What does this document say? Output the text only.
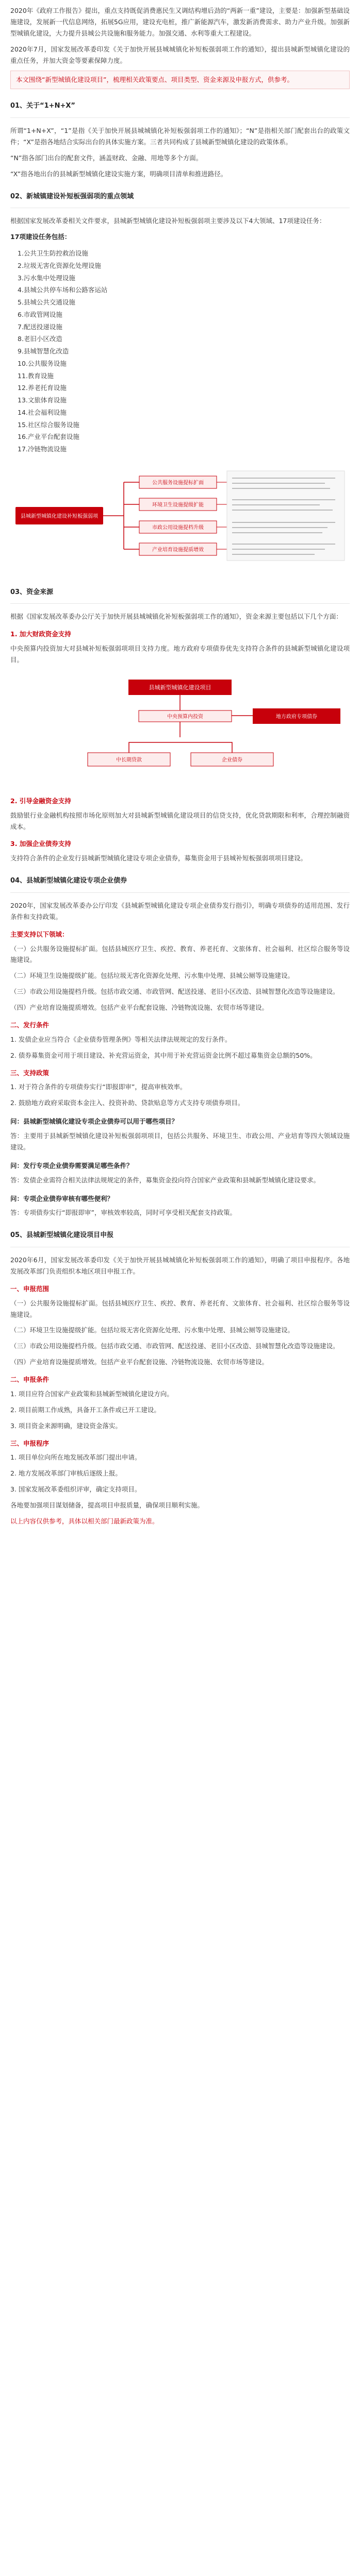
2020年《政府工作报告》提出，重点支持既促消费惠民生又调结构增后劲的“两新一重”建设，主要是：加强新型基础设施建设，发展新一代信息网络，拓展5G应用，建设充电桩，推广新能源汽车，激发新消费需求、助力产业升级。加强新型城镇化建设，大力提升县城公共设施和服务能力。加强交通、水利等重大工程建设。

2020年7月，国家发展改革委印发《关于加快开展县城城镇化补短板强弱项工作的通知》，提出县城新型城镇化建设的重点任务，并加大资金等要素保障力度。

本文围绕“新型城镇化建设项目”，梳理相关政策要点、项目类型、资金来源及申报方式，供参考。
01、关于“1+N+X”

所谓“1+N+X”，“1”是指《关于加快开展县城城镇化补短板强弱项工作的通知》；“N”是指相关部门配套出台的政策文件；“X”是指各地结合实际出台的具体实施方案。三者共同构成了县城新型城镇化建设的政策体系。

“N”指各部门出台的配套文件，涵盖财政、金融、用地等多个方面。

“X”指各地出台的县城新型城镇化建设实施方案，明确项目清单和推进路径。

02、新城镇建设补短板强弱项的重点领域

根据国家发展改革委相关文件要求，县城新型城镇化建设补短板强弱项主要涉及以下4大领域、17项建设任务：

17项建设任务包括：

1.公共卫生防控救治设施
2.垃圾无害化资源化处理设施
3.污水集中处理设施
4.县城公共停车场和公路客运站
5.县城公共交通设施
6.市政管网设施
7.配送投递设施
8.老旧小区改造
9.县城智慧化改造
10.公共服务设施
11.教育设施
12.养老托育设施
13.文旅体育设施
14.社会福利设施
15.社区综合服务设施
16.产业平台配套设施
17.冷链物流设施
县城新型城镇化建设补短板强弱项
公共服务设施提标扩面
环境卫生设施提级扩能
市政公用设施提档升级
产业培育设施提质增效
03、资金来源

根据《国家发展改革委办公厅关于加快开展县城城镇化补短板强弱项工作的通知》，资金来源主要包括以下几个方面：

1. 加大财政资金支持

中央预算内投资加大对县城补短板强弱项项目支持力度。地方政府专项债券优先支持符合条件的县城新型城镇化建设项目。

县城新型城镇化建设项目
中央预算内投资	地方政府专项债券
中长期贷款	企业债券
2. 引导金融资金支持

鼓励银行业金融机构按照市场化原则加大对县城新型城镇化建设项目的信贷支持，优化贷款期限和利率，合理控制融资成本。

3. 加强企业债券支持

支持符合条件的企业发行县城新型城镇化建设专项企业债券，募集资金用于县城补短板强弱项项目建设。

04、县城新型城镇化建设专项企业债券

2020年，国家发展改革委办公厅印发《县城新型城镇化建设专项企业债券发行指引》，明确专项债券的适用范围、发行条件和支持政策。

主要支持以下领域：

（一）公共服务设施提标扩面。包括县城医疗卫生、疾控、教育、养老托育、文旅体育、社会福利、社区综合服务等设施建设。

（二）环境卫生设施提级扩能。包括垃圾无害化资源化处理、污水集中处理、县城公厕等设施建设。

（三）市政公用设施提档升级。包括市政交通、市政管网、配送投递、老旧小区改造、县城智慧化改造等设施建设。

（四）产业培育设施提质增效。包括产业平台配套设施、冷链物流设施、农贸市场等建设。

二、发行条件

1. 发债企业应当符合《企业债券管理条例》等相关法律法规规定的发行条件。

2. 债券募集资金可用于项目建设、补充营运资金，其中用于补充营运资金比例不超过募集资金总额的50%。

三、支持政策

1. 对于符合条件的专项债券实行“即报即审”，提高审核效率。

2. 鼓励地方政府采取资本金注入、投资补助、贷款贴息等方式支持专项债券项目。

问：县城新型城镇化建设专项企业债券可以用于哪些项目？

答：主要用于县城新型城镇化建设补短板强弱项项目，包括公共服务、环境卫生、市政公用、产业培育等四大领域设施建设。

问：发行专项企业债券需要满足哪些条件？

答：发债企业需符合相关法律法规规定的条件，募集资金投向符合国家产业政策和县城新型城镇化建设要求。

问：专项企业债券审核有哪些便利？

答：专项债券实行“即报即审”，审核效率较高，同时可享受相关配套支持政策。

05、县城新型城镇化建设项目申报

2020年6月，国家发展改革委印发《关于加快开展县城城镇化补短板强弱项工作的通知》，明确了项目申报程序。各地发展改革部门负责组织本地区项目申报工作。

一、申报范围

（一）公共服务设施提标扩面。包括县城医疗卫生、疾控、教育、养老托育、文旅体育、社会福利、社区综合服务等设施建设。

（二）环境卫生设施提级扩能。包括垃圾无害化资源化处理、污水集中处理、县城公厕等设施建设。

（三）市政公用设施提档升级。包括市政交通、市政管网、配送投递、老旧小区改造、县城智慧化改造等设施建设。

（四）产业培育设施提质增效。包括产业平台配套设施、冷链物流设施、农贸市场等建设。

二、申报条件

1. 项目应符合国家产业政策和县城新型城镇化建设方向。

2. 项目前期工作成熟，具备开工条件或已开工建设。

3. 项目资金来源明确，建设资金落实。

三、申报程序

1. 项目单位向所在地发展改革部门提出申请。

2. 地方发展改革部门审核后逐级上报。

3. 国家发展改革委组织评审，确定支持项目。

各地要加强项目谋划储备，提高项目申报质量，确保项目顺利实施。

以上内容仅供参考，具体以相关部门最新政策为准。
